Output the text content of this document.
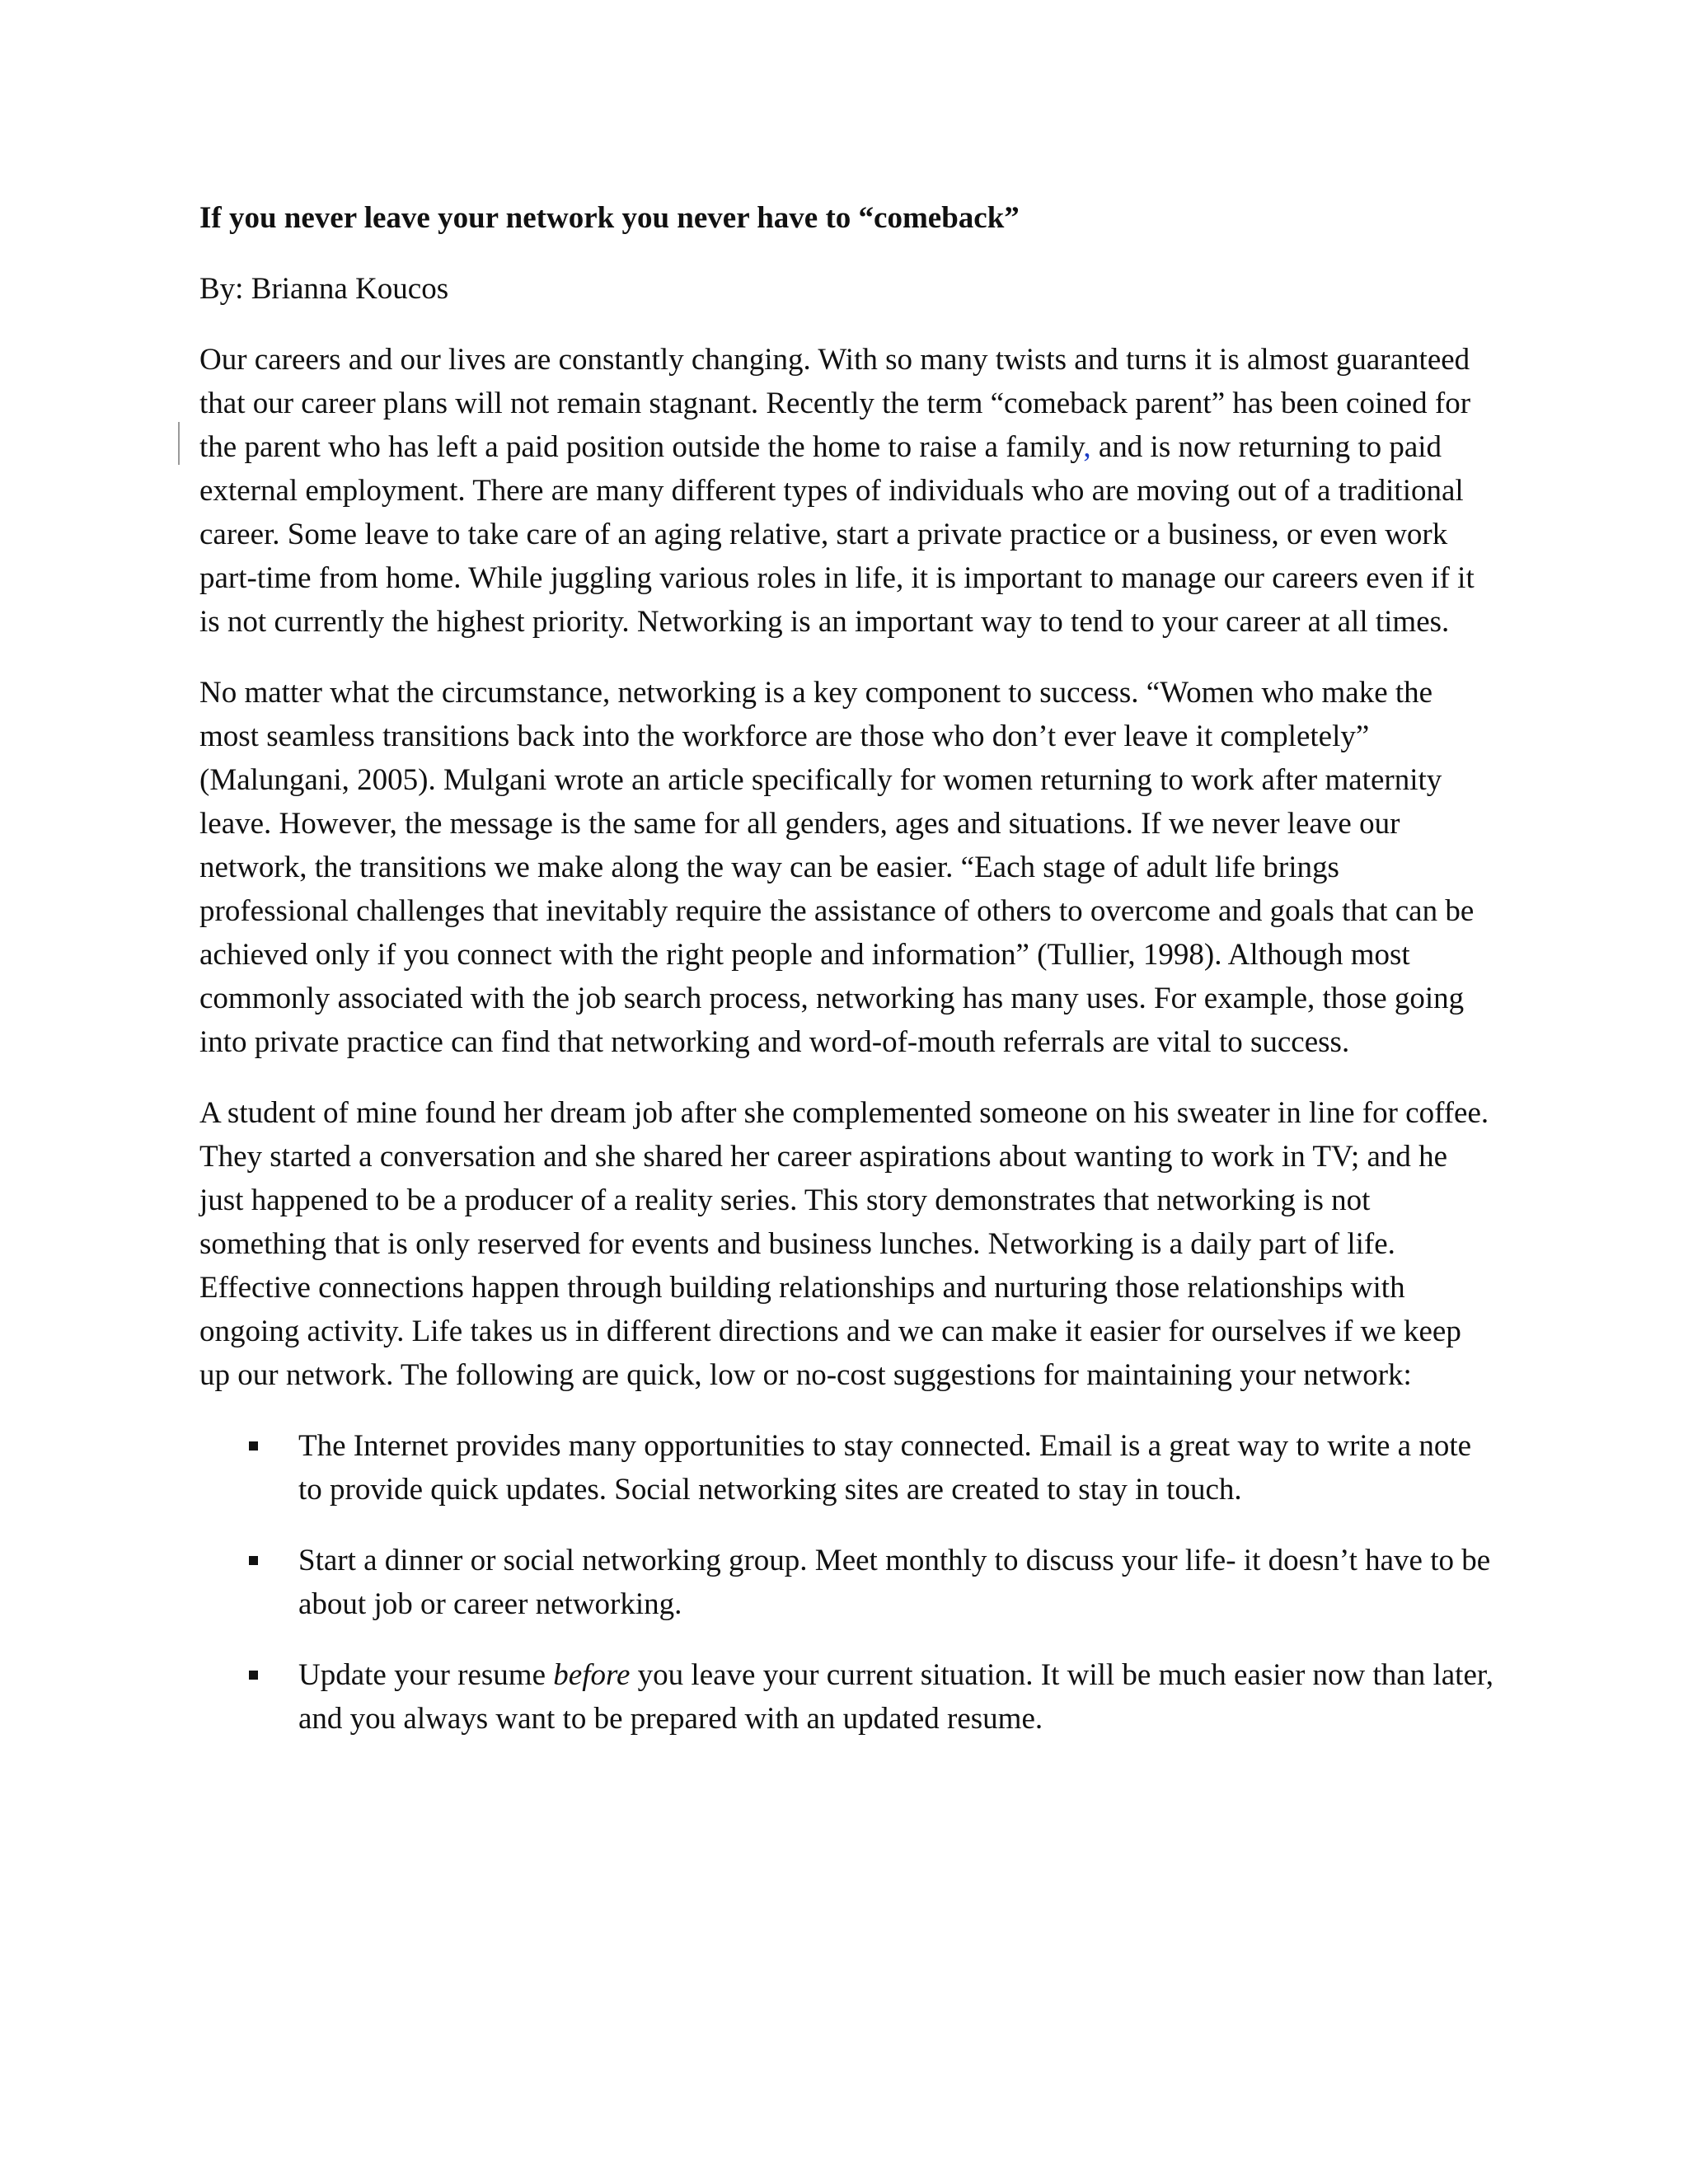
If you never leave your network you never have to “comeback”
By: Brianna Koucos

Our careers and our lives are constantly changing. With so many twists and turns it is almost guaranteed that our career plans will not remain stagnant. Recently the term “comeback parent” has been coined for the parent who has left a paid position outside the home to raise a family, and is now returning to paid external employment. There are many different types of individuals who are moving out of a traditional career. Some leave to take care of an aging relative, start a private practice or a business, or even work part-time from home. While juggling various roles in life, it is important to manage our careers even if it is not currently the highest priority. Networking is an important way to tend to your career at all times.

No matter what the circumstance, networking is a key component to success. “Women who make the most seamless transitions back into the workforce are those who don’t ever leave it completely” (Malungani, 2005). Mulgani wrote an article specifically for women returning to work after maternity leave. However, the message is the same for all genders, ages and situations. If we never leave our network, the transitions we make along the way can be easier. “Each stage of adult life brings professional challenges that inevitably require the assistance of others to overcome and goals that can be achieved only if you connect with the right people and information” (Tullier, 1998). Although most commonly associated with the job search process, networking has many uses. For example, those going into private practice can find that networking and word-of-mouth referrals are vital to success.

A student of mine found her dream job after she complemented someone on his sweater in line for coffee. They started a conversation and she shared her career aspirations about wanting to work in TV; and he just happened to be a producer of a reality series. This story demonstrates that networking is not something that is only reserved for events and business lunches. Networking is a daily part of life. Effective connections happen through building relationships and nurturing those relationships with ongoing activity. Life takes us in different directions and we can make it easier for ourselves if we keep up our network. The following are quick, low or no-cost suggestions for maintaining your network:

The Internet provides many opportunities to stay connected. Email is a great way to write a note to provide quick updates. Social networking sites are created to stay in touch.
Start a dinner or social networking group. Meet monthly to discuss your life- it doesn’t have to be about job or career networking.
Update your resume before you leave your current situation. It will be much easier now than later, and you always want to be prepared with an updated resume.
